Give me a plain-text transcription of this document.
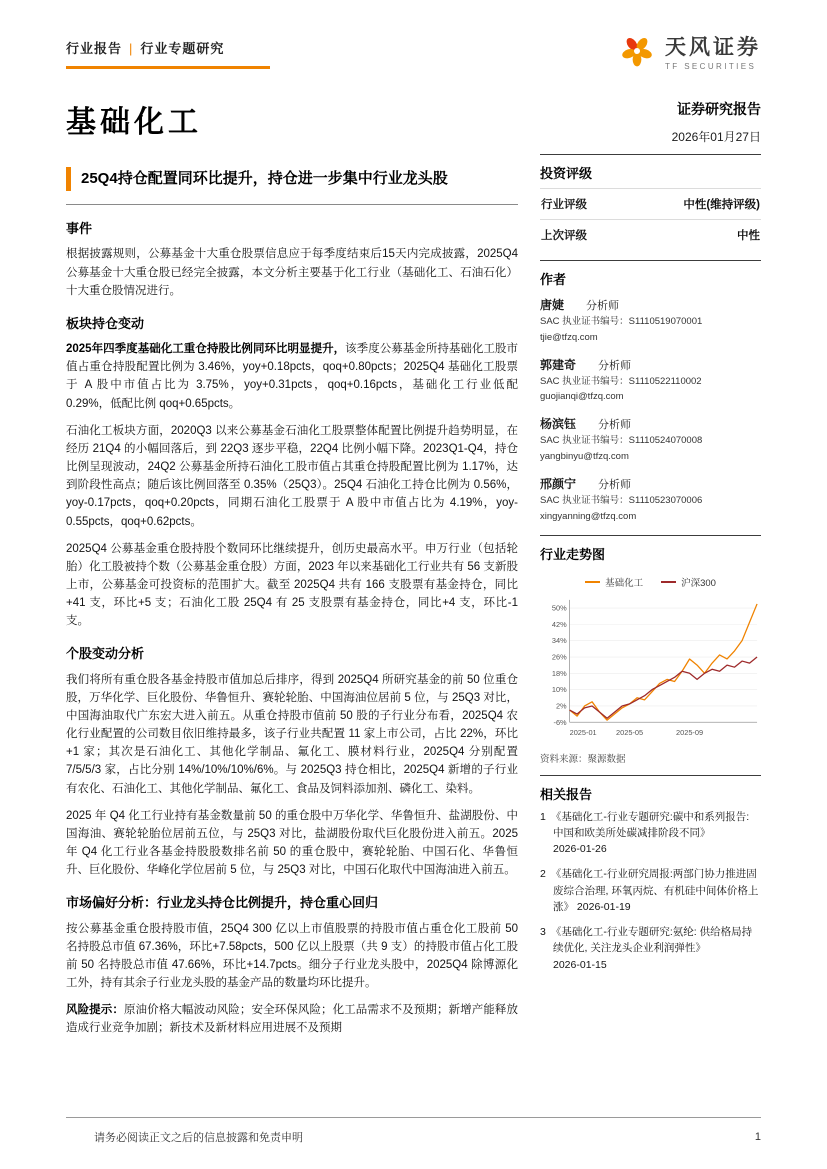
行业报告 | 行业专题研究	天风证券
TF SECURITIES
基础化工
25Q4持仓配置同环比提升，持仓进一步集中行业龙头股
事件

根据披露规则，公募基金十大重仓股票信息应于每季度结束后15天内完成披露，2025Q4公募基金十大重仓股已经完全披露，本文分析主要基于化工行业（基础化工、石油石化）十大重仓股情况进行。

板块持仓变动

2025年四季度基础化工重仓持股比例同环比明显提升，该季度公募基金所持基础化工股市值占重仓持股配置比例为 3.46%，yoy+0.18pcts，qoq+0.80pcts；2025Q4 基础化工股票于 A 股中市值占比为 3.75%，yoy+0.31pcts，qoq+0.16pcts，基础化工行业低配 0.29%，低配比例 qoq+0.65pcts。

石油化工板块方面，2020Q3 以来公募基金石油化工股票整体配置比例提升趋势明显，在经历 21Q4 的小幅回落后，到 22Q3 逐步平稳，22Q4 比例小幅下降。2023Q1-Q4，持仓比例呈现波动，24Q2 公募基金所持石油化工股市值占其重仓持股配置比例为 1.17%，达到阶段性高点；随后该比例回落至 0.35%（25Q3）。25Q4 石油化工持仓比例为 0.56%，yoy-0.17pcts，qoq+0.20pcts，同期石油化工股票于 A 股中市值占比为 4.19%，yoy-0.55pcts，qoq+0.62pcts。

2025Q4 公募基金重仓股持股个数同环比继续提升，创历史最高水平。申万行业（包括轮胎）化工股被持个数（公募基金重仓股）方面，2023 年以来基础化工行业共有 56 支新股上市，公募基金可投资标的范围扩大。截至 2025Q4 共有 166 支股票有基金持仓，同比+41 支，环比+5 支；石油化工股 25Q4 有 25 支股票有基金持仓，同比+4 支，环比-1 支。

个股变动分析

我们将所有重仓股各基金持股市值加总后排序，得到 2025Q4 所研究基金的前 50 位重仓股，万华化学、巨化股份、华鲁恒升、赛轮轮胎、中国海油位居前 5 位，与 25Q3 对比，中国海油取代广东宏大进入前五。从重仓持股市值前 50 股的子行业分布看，2025Q4 农化行业配置的公司数目依旧维持最多，该子行业共配置 11 家上市公司，占比 22%，环比+1 家；其次是石油化工、其他化学制品、氟化工、膜材料行业，2025Q4 分别配置 7/5/5/3 家，占比分别 14%/10%/10%/6%。与 2025Q3 持仓相比，2025Q4 新增的子行业有农化、石油化工、其他化学制品、氟化工、食品及饲料添加剂、磷化工、染料。

2025 年 Q4 化工行业持有基金数量前 50 的重仓股中万华化学、华鲁恒升、盐湖股份、中国海油、赛轮轮胎位居前五位，与 25Q3 对比，盐湖股份取代巨化股份进入前五。2025 年 Q4 化工行业各基金持股股数排名前 50 的重仓股中，赛轮轮胎、中国石化、华鲁恒升、巨化股份、华峰化学位居前 5 位，与 25Q3 对比，中国石化取代中国海油进入前五。

市场偏好分析：行业龙头持仓比例提升，持仓重心回归

按公募基金重仓股持股市值，25Q4 300 亿以上市值股票的持股市值占重仓化工股前 50 名持股总市值 67.36%，环比+7.58pcts，500 亿以上股票（共 9 支）的持股市值占化工股前 50 名持股总市值 47.66%，环比+14.7pcts。细分子行业龙头股中，2025Q4 除博源化工外，持有其余子行业龙头股的基金产品的数量均环比提升。

风险提示：原油价格大幅波动风险；安全环保风险；化工品需求不及预期；新增产能释放造成行业竞争加剧；新技术及新材料应用进展不及预期

证券研究报告
2026年01月27日
投资评级
行业评级	中性(维持评级)
上次评级	中性
作者
唐婕 分析师
SAC 执业证书编号：S1110519070001
tjie@tfzq.com
郭建奇 分析师
SAC 执业证书编号：S1110522110002
guojianqi@tfzq.com
杨滨钰 分析师
SAC 执业证书编号：S1110524070008
yangbinyu@tfzq.com
邢颜宁 分析师
SAC 执业证书编号：S1110523070006
xingyanning@tfzq.com
行业走势图
基础化工	沪深300
50%
42%
34%
26%
18%
10%
2%
-6%
2025-01	2025-05	2025-09
资料来源：聚源数据
相关报告
1 《基础化工-行业专题研究:碳中和系列报告: 中国和欧美所处碳减排阶段不同》 2026-01-26
2 《基础化工-行业研究周报:两部门协力推进固废综合治理, 环氧丙烷、有机硅中间体价格上涨》 2026-01-19
3 《基础化工-行业专题研究:氨纶: 供给格局持续优化, 关注龙头企业利润弹性》 2026-01-15
请务必阅读正文之后的信息披露和免责申明	1
